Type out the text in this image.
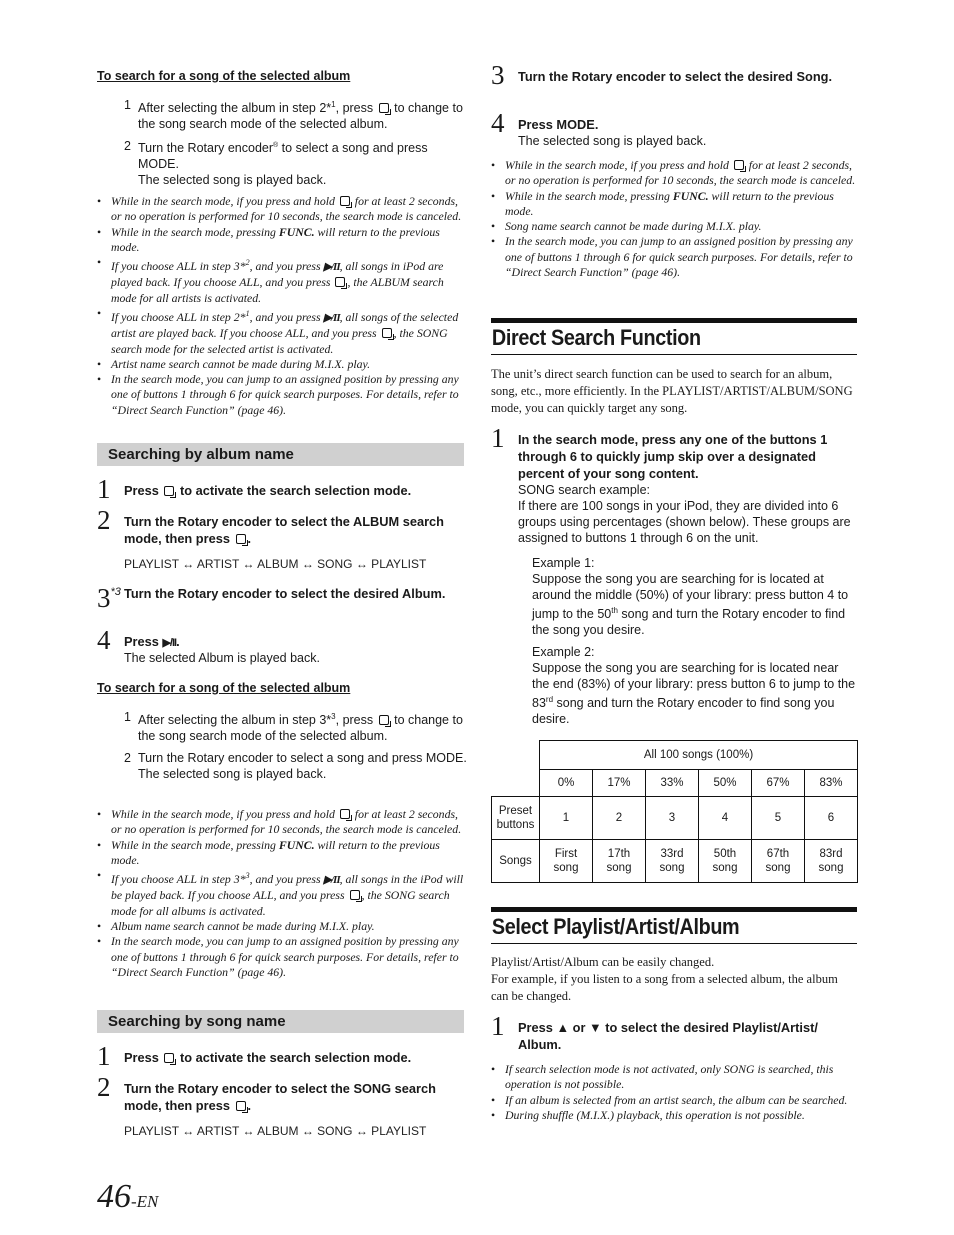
To search for a song of the selected album
1 After selecting the album in step 2*$^1$, press  to change to the song search mode of the selected album.
2 Turn the Rotary encoder® to select a song and press MODE.
The selected song is played back.
• While in the search mode, if you press and hold  for at least 2 seconds, or no operation is performed for 10 seconds, the search mode is canceled.
• While in the search mode, pressing FUNC. will return to the previous mode.
• If you choose ALL in step 3*$^2$, and you press ▶/II, all songs in iPod are played back. If you choose ALL, and you press , the ALBUM search mode for all artists is activated.
• If you choose ALL in step 2*$^1$, and you press ▶/II, all songs of the selected artist are played back. If you choose ALL, and you press , the SONG search mode for the selected artist is activated.
• Artist name search cannot be made during M.I.X. play.
• In the search mode, you can jump to an assigned position by pressing any one of buttons 1 through 6 for quick search purposes. For details, refer to “Direct Search Function” (page 46).
Searching by album name
1 Press  to activate the search selection mode.
2 Turn the Rotary encoder to select the ALBUM search mode, then press .
PLAYLIST ↔ ARTIST ↔ ALBUM ↔ SONG ↔ PLAYLIST
3$^{*3}$ Turn the Rotary encoder to select the desired Album.
4 Press ▶/II.
The selected Album is played back.
To search for a song of the selected album
1 After selecting the album in step 3*$^3$, press  to change to the song search mode of the selected album.
2 Turn the Rotary encoder to select a song and press MODE.
The selected song is played back.
• While in the search mode, if you press and hold  for at least 2 seconds, or no operation is performed for 10 seconds, the search mode is canceled.
• While in the search mode, pressing FUNC. will return to the previous mode.
• If you choose ALL in step 3*$^3$, and you press ▶/II, all songs in the iPod will be played back. If you choose ALL, and you press , the SONG search mode for all albums is activated.
• Album name search cannot be made during M.I.X. play.
• In the search mode, you can jump to an assigned position by pressing any one of buttons 1 through 6 for quick search purposes. For details, refer to “Direct Search Function” (page 46).
Searching by song name
1 Press  to activate the search selection mode.
2 Turn the Rotary encoder to select the SONG search mode, then press .
PLAYLIST ↔ ARTIST ↔ ALBUM ↔ SONG ↔ PLAYLIST
3 Turn the Rotary encoder to select the desired Song.
4 Press MODE.
The selected song is played back.
• While in the search mode, if you press and hold  for at least 2 seconds, or no operation is performed for 10 seconds, the search mode is canceled.
• While in the search mode, pressing FUNC. will return to the previous mode.
• Song name search cannot be made during M.I.X. play.
• In the search mode, you can jump to an assigned position by pressing any one of buttons 1 through 6 for quick search purposes. For details, refer to “Direct Search Function” (page 46).
Direct Search Function
The unit’s direct search function can be used to search for an album, song, etc., more efficiently. In the PLAYLIST/ARTIST/ALBUM/SONG mode, you can quickly target any song.
1 In the search mode, press any one of the buttons 1 through 6 to quickly jump skip over a designated percent of your song content.
SONG search example:
If there are 100 songs in your iPod, they are divided into 6 groups using percentages (shown below). These groups are assigned to buttons 1 through 6 on the unit.
Example 1:
Suppose the song you are searching for is located at around the middle (50%) of your library: press button 4 to jump to the 50th song and turn the Rotary encoder to find the song you desire.
Example 2:
Suppose the song you are searching for is located near the end (83%) of your library: press button 6 to jump to the 83rd song and turn the Rotary encoder to find song you desire.
	All 100 songs (100%)					
	0%	17%	33%	50%	67%	83%
Preset buttons	1	2	3	4	5	6
Songs	First song	17th song	33rd song	50th song	67th song	83rd song
Select Playlist/Artist/Album
Playlist/Artist/Album can be easily changed.
For example, if you listen to a song from a selected album, the album can be changed.
1 Press ▲ or ▼ to select the desired Playlist/Artist/ Album.
• If search selection mode is not activated, only SONG is searched, this operation is not possible.
• If an album is selected from an artist search, the album can be searched.
• During shuffle (M.I.X.) playback, this operation is not possible.
46-EN
